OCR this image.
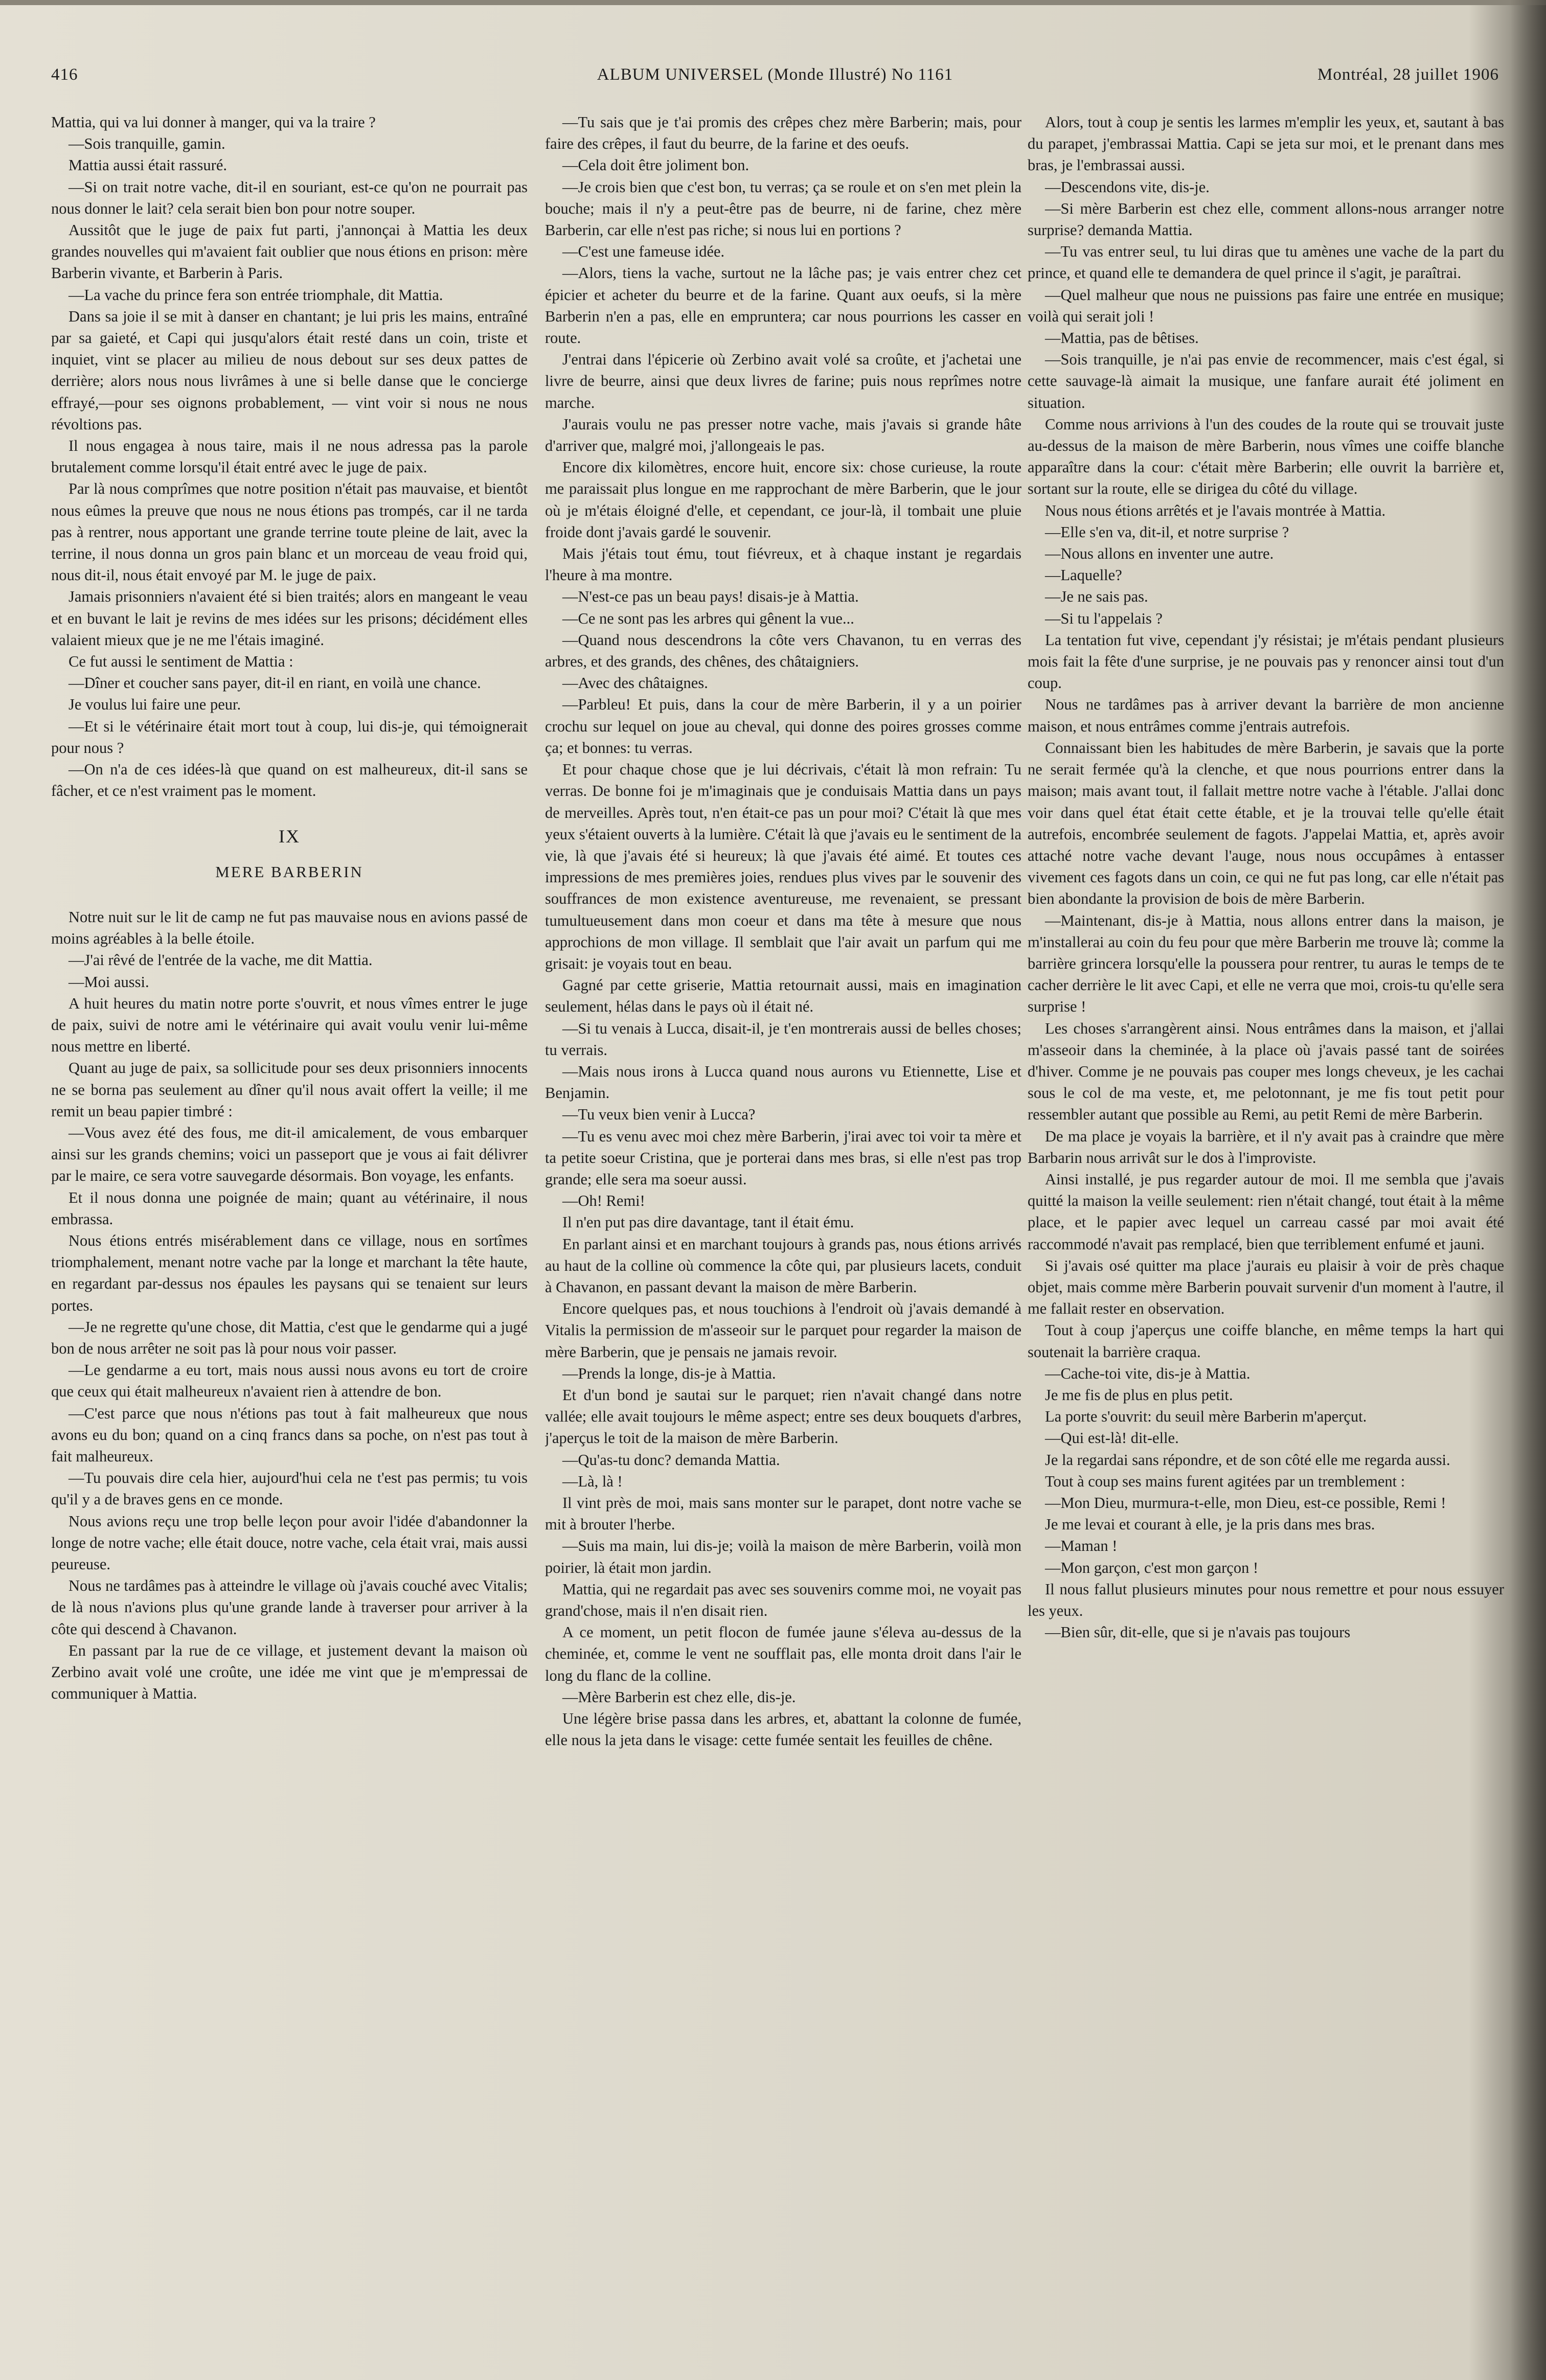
416	ALBUM UNIVERSEL (Monde Illustré) No 1161	Montréal, 28 juillet 1906

Mattia, qui va lui donner à manger, qui va la traire ?

—Sois tranquille, gamin.

Mattia aussi était rassuré.

—Si on trait notre vache, dit-il en souriant, est-ce qu'on ne pourrait pas nous donner le lait? cela serait bien bon pour notre souper.

Aussitôt que le juge de paix fut parti, j'annonçai à Mattia les deux grandes nouvelles qui m'avaient fait oublier que nous étions en prison: mère Barberin vivante, et Barberin à Paris.

—La vache du prince fera son entrée triomphale, dit Mattia.

Dans sa joie il se mit à danser en chantant; je lui pris les mains, entraîné par sa gaieté, et Capi qui jusqu'alors était resté dans un coin, triste et inquiet, vint se placer au milieu de nous debout sur ses deux pattes de derrière; alors nous nous livrâmes à une si belle danse que le concierge effrayé,—pour ses oignons probablement, — vint voir si nous ne nous révoltions pas.

Il nous engagea à nous taire, mais il ne nous adressa pas la parole brutalement comme lorsqu'il était entré avec le juge de paix.

Par là nous comprîmes que notre position n'était pas mauvaise, et bientôt nous eûmes la preuve que nous ne nous étions pas trompés, car il ne tarda pas à rentrer, nous apportant une grande terrine toute pleine de lait, avec la terrine, il nous donna un gros pain blanc et un morceau de veau froid qui, nous dit-il, nous était envoyé par M. le juge de paix.

Jamais prisonniers n'avaient été si bien traités; alors en mangeant le veau et en buvant le lait je revins de mes idées sur les prisons; décidément elles valaient mieux que je ne me l'étais imaginé.

Ce fut aussi le sentiment de Mattia :

—Dîner et coucher sans payer, dit-il en riant, en voilà une chance.

Je voulus lui faire une peur.

—Et si le vétérinaire était mort tout à coup, lui dis-je, qui témoignerait pour nous ?

—On n'a de ces idées-là que quand on est malheureux, dit-il sans se fâcher, et ce n'est vraiment pas le moment.

IX
MERE BARBERIN

Notre nuit sur le lit de camp ne fut pas mauvaise nous en avions passé de moins agréables à la belle étoile.

—J'ai rêvé de l'entrée de la vache, me dit Mattia.

—Moi aussi.

A huit heures du matin notre porte s'ouvrit, et nous vîmes entrer le juge de paix, suivi de notre ami le vétérinaire qui avait voulu venir lui-même nous mettre en liberté.

Quant au juge de paix, sa sollicitude pour ses deux prisonniers innocents ne se borna pas seulement au dîner qu'il nous avait offert la veille; il me remit un beau papier timbré :

—Vous avez été des fous, me dit-il amicalement, de vous embarquer ainsi sur les grands chemins; voici un passeport que je vous ai fait délivrer par le maire, ce sera votre sauvegarde désormais. Bon voyage, les enfants.

Et il nous donna une poignée de main; quant au vétérinaire, il nous embrassa.

Nous étions entrés misérablement dans ce village, nous en sortîmes triomphalement, menant notre vache par la longe et marchant la tête haute, en regardant par-dessus nos épaules les paysans qui se tenaient sur leurs portes.

—Je ne regrette qu'une chose, dit Mattia, c'est que le gendarme qui a jugé bon de nous arrêter ne soit pas là pour nous voir passer.

—Le gendarme a eu tort, mais nous aussi nous avons eu tort de croire que ceux qui était malheureux n'avaient rien à attendre de bon.

—C'est parce que nous n'étions pas tout à fait malheureux que nous avons eu du bon; quand on a cinq francs dans sa poche, on n'est pas tout à fait malheureux.

—Tu pouvais dire cela hier, aujourd'hui cela ne t'est pas permis; tu vois qu'il y a de braves gens en ce monde.

Nous avions reçu une trop belle leçon pour avoir l'idée d'abandonner la longe de notre vache; elle était douce, notre vache, cela était vrai, mais aussi peureuse.

Nous ne tardâmes pas à atteindre le village où j'avais couché avec Vitalis; de là nous n'avions plus qu'une grande lande à traverser pour arriver à la côte qui descend à Chavanon.

En passant par la rue de ce village, et justement devant la maison où Zerbino avait volé une croûte, une idée me vint que je m'empressai de communiquer à Mattia.

—Tu sais que je t'ai promis des crêpes chez mère Barberin; mais, pour faire des crêpes, il faut du beurre, de la farine et des oeufs.

—Cela doit être joliment bon.

—Je crois bien que c'est bon, tu verras; ça se roule et on s'en met plein la bouche; mais il n'y a peut-être pas de beurre, ni de farine, chez mère Barberin, car elle n'est pas riche; si nous lui en portions ?

—C'est une fameuse idée.

—Alors, tiens la vache, surtout ne la lâche pas; je vais entrer chez cet épicier et acheter du beurre et de la farine. Quant aux oeufs, si la mère Barberin n'en a pas, elle en empruntera; car nous pourrions les casser en route.

J'entrai dans l'épicerie où Zerbino avait volé sa croûte, et j'achetai une livre de beurre, ainsi que deux livres de farine; puis nous reprîmes notre marche.

J'aurais voulu ne pas presser notre vache, mais j'avais si grande hâte d'arriver que, malgré moi, j'allongeais le pas.

Encore dix kilomètres, encore huit, encore six: chose curieuse, la route me paraissait plus longue en me rapprochant de mère Barberin, que le jour où je m'étais éloigné d'elle, et cependant, ce jour-là, il tombait une pluie froide dont j'avais gardé le souvenir.

Mais j'étais tout ému, tout fiévreux, et à chaque instant je regardais l'heure à ma montre.

—N'est-ce pas un beau pays! disais-je à Mattia.

—Ce ne sont pas les arbres qui gênent la vue...

—Quand nous descendrons la côte vers Chavanon, tu en verras des arbres, et des grands, des chênes, des châtaigniers.

—Avec des châtaignes.

—Parbleu! Et puis, dans la cour de mère Barberin, il y a un poirier crochu sur lequel on joue au cheval, qui donne des poires grosses comme ça; et bonnes: tu verras.

Et pour chaque chose que je lui décrivais, c'était là mon refrain: Tu verras. De bonne foi je m'imaginais que je conduisais Mattia dans un pays de merveilles. Après tout, n'en était-ce pas un pour moi? C'était là que mes yeux s'étaient ouverts à la lumière. C'était là que j'avais eu le sentiment de la vie, là que j'avais été si heureux; là que j'avais été aimé. Et toutes ces impressions de mes premières joies, rendues plus vives par le souvenir des souffrances de mon existence aventureuse, me revenaient, se pressant tumultueusement dans mon coeur et dans ma tête à mesure que nous approchions de mon village. Il semblait que l'air avait un parfum qui me grisait: je voyais tout en beau.

Gagné par cette griserie, Mattia retournait aussi, mais en imagination seulement, hélas dans le pays où il était né.

—Si tu venais à Lucca, disait-il, je t'en montrerais aussi de belles choses; tu verrais.

—Mais nous irons à Lucca quand nous aurons vu Etiennette, Lise et Benjamin.

—Tu veux bien venir à Lucca?

—Tu es venu avec moi chez mère Barberin, j'irai avec toi voir ta mère et ta petite soeur Cristina, que je porterai dans mes bras, si elle n'est pas trop grande; elle sera ma soeur aussi.

—Oh! Remi!

Il n'en put pas dire davantage, tant il était ému.

En parlant ainsi et en marchant toujours à grands pas, nous étions arrivés au haut de la colline où commence la côte qui, par plusieurs lacets, conduit à Chavanon, en passant devant la maison de mère Barberin.

Encore quelques pas, et nous touchions à l'endroit où j'avais demandé à Vitalis la permission de m'asseoir sur le parquet pour regarder la maison de mère Barberin, que je pensais ne jamais revoir.

—Prends la longe, dis-je à Mattia.

Et d'un bond je sautai sur le parquet; rien n'avait changé dans notre vallée; elle avait toujours le même aspect; entre ses deux bouquets d'arbres, j'aperçus le toit de la maison de mère Barberin.

—Qu'as-tu donc? demanda Mattia.

—Là, là !

Il vint près de moi, mais sans monter sur le parapet, dont notre vache se mit à brouter l'herbe.

—Suis ma main, lui dis-je; voilà la maison de mère Barberin, voilà mon poirier, là était mon jardin.

Mattia, qui ne regardait pas avec ses souvenirs comme moi, ne voyait pas grand'chose, mais il n'en disait rien.

A ce moment, un petit flocon de fumée jaune s'éleva au-dessus de la cheminée, et, comme le vent ne soufflait pas, elle monta droit dans l'air le long du flanc de la colline.

—Mère Barberin est chez elle, dis-je.

Une légère brise passa dans les arbres, et, abattant la colonne de fumée, elle nous la jeta dans le visage: cette fumée sentait les feuilles de chêne.

Alors, tout à coup je sentis les larmes m'emplir les yeux, et, sautant à bas du parapet, j'embrassai Mattia. Capi se jeta sur moi, et le prenant dans mes bras, je l'embrassai aussi.

—Descendons vite, dis-je.

—Si mère Barberin est chez elle, comment allons-nous arranger notre surprise? demanda Mattia.

—Tu vas entrer seul, tu lui diras que tu amènes une vache de la part du prince, et quand elle te demandera de quel prince il s'agit, je paraîtrai.

—Quel malheur que nous ne puissions pas faire une entrée en musique; voilà qui serait joli !

—Mattia, pas de bêtises.

—Sois tranquille, je n'ai pas envie de recommencer, mais c'est égal, si cette sauvage-là aimait la musique, une fanfare aurait été joliment en situation.

Comme nous arrivions à l'un des coudes de la route qui se trouvait juste au-dessus de la maison de mère Barberin, nous vîmes une coiffe blanche apparaître dans la cour: c'était mère Barberin; elle ouvrit la barrière et, sortant sur la route, elle se dirigea du côté du village.

Nous nous étions arrêtés et je l'avais montrée à Mattia.

—Elle s'en va, dit-il, et notre surprise ?

—Nous allons en inventer une autre.

—Laquelle?

—Je ne sais pas.

—Si tu l'appelais ?

La tentation fut vive, cependant j'y résistai; je m'étais pendant plusieurs mois fait la fête d'une surprise, je ne pouvais pas y renoncer ainsi tout d'un coup.

Nous ne tardâmes pas à arriver devant la barrière de mon ancienne maison, et nous entrâmes comme j'entrais autrefois.

Connaissant bien les habitudes de mère Barberin, je savais que la porte ne serait fermée qu'à la clenche, et que nous pourrions entrer dans la maison; mais avant tout, il fallait mettre notre vache à l'étable. J'allai donc voir dans quel état était cette étable, et je la trouvai telle qu'elle était autrefois, encombrée seulement de fagots. J'appelai Mattia, et, après avoir attaché notre vache devant l'auge, nous nous occupâmes à entasser vivement ces fagots dans un coin, ce qui ne fut pas long, car elle n'était pas bien abondante la provision de bois de mère Barberin.

—Maintenant, dis-je à Mattia, nous allons entrer dans la maison, je m'installerai au coin du feu pour que mère Barberin me trouve là; comme la barrière grincera lorsqu'elle la poussera pour rentrer, tu auras le temps de te cacher derrière le lit avec Capi, et elle ne verra que moi, crois-tu qu'elle sera surprise !

Les choses s'arrangèrent ainsi. Nous entrâmes dans la maison, et j'allai m'asseoir dans la cheminée, à la place où j'avais passé tant de soirées d'hiver. Comme je ne pouvais pas couper mes longs cheveux, je les cachai sous le col de ma veste, et, me pelotonnant, je me fis tout petit pour ressembler autant que possible au Remi, au petit Remi de mère Barberin.

De ma place je voyais la barrière, et il n'y avait pas à craindre que mère Barbarin nous arrivât sur le dos à l'improviste.

Ainsi installé, je pus regarder autour de moi. Il me sembla que j'avais quitté la maison la veille seulement: rien n'était changé, tout était à la même place, et le papier avec lequel un carreau cassé par moi avait été raccommodé n'avait pas remplacé, bien que terriblement enfumé et jauni.

Si j'avais osé quitter ma place j'aurais eu plaisir à voir de près chaque objet, mais comme mère Barberin pouvait survenir d'un moment à l'autre, il me fallait rester en observation.

Tout à coup j'aperçus une coiffe blanche, en même temps la hart qui soutenait la barrière craqua.

—Cache-toi vite, dis-je à Mattia.

Je me fis de plus en plus petit.

La porte s'ouvrit: du seuil mère Barberin m'aperçut.

—Qui est-là! dit-elle.

Je la regardai sans répondre, et de son côté elle me regarda aussi.

Tout à coup ses mains furent agitées par un tremblement :

—Mon Dieu, murmura-t-elle, mon Dieu, est-ce possible, Remi !

Je me levai et courant à elle, je la pris dans mes bras.

—Maman !

—Mon garçon, c'est mon garçon !

Il nous fallut plusieurs minutes pour nous remettre et pour nous essuyer les yeux.

—Bien sûr, dit-elle, que si je n'avais pas toujours
